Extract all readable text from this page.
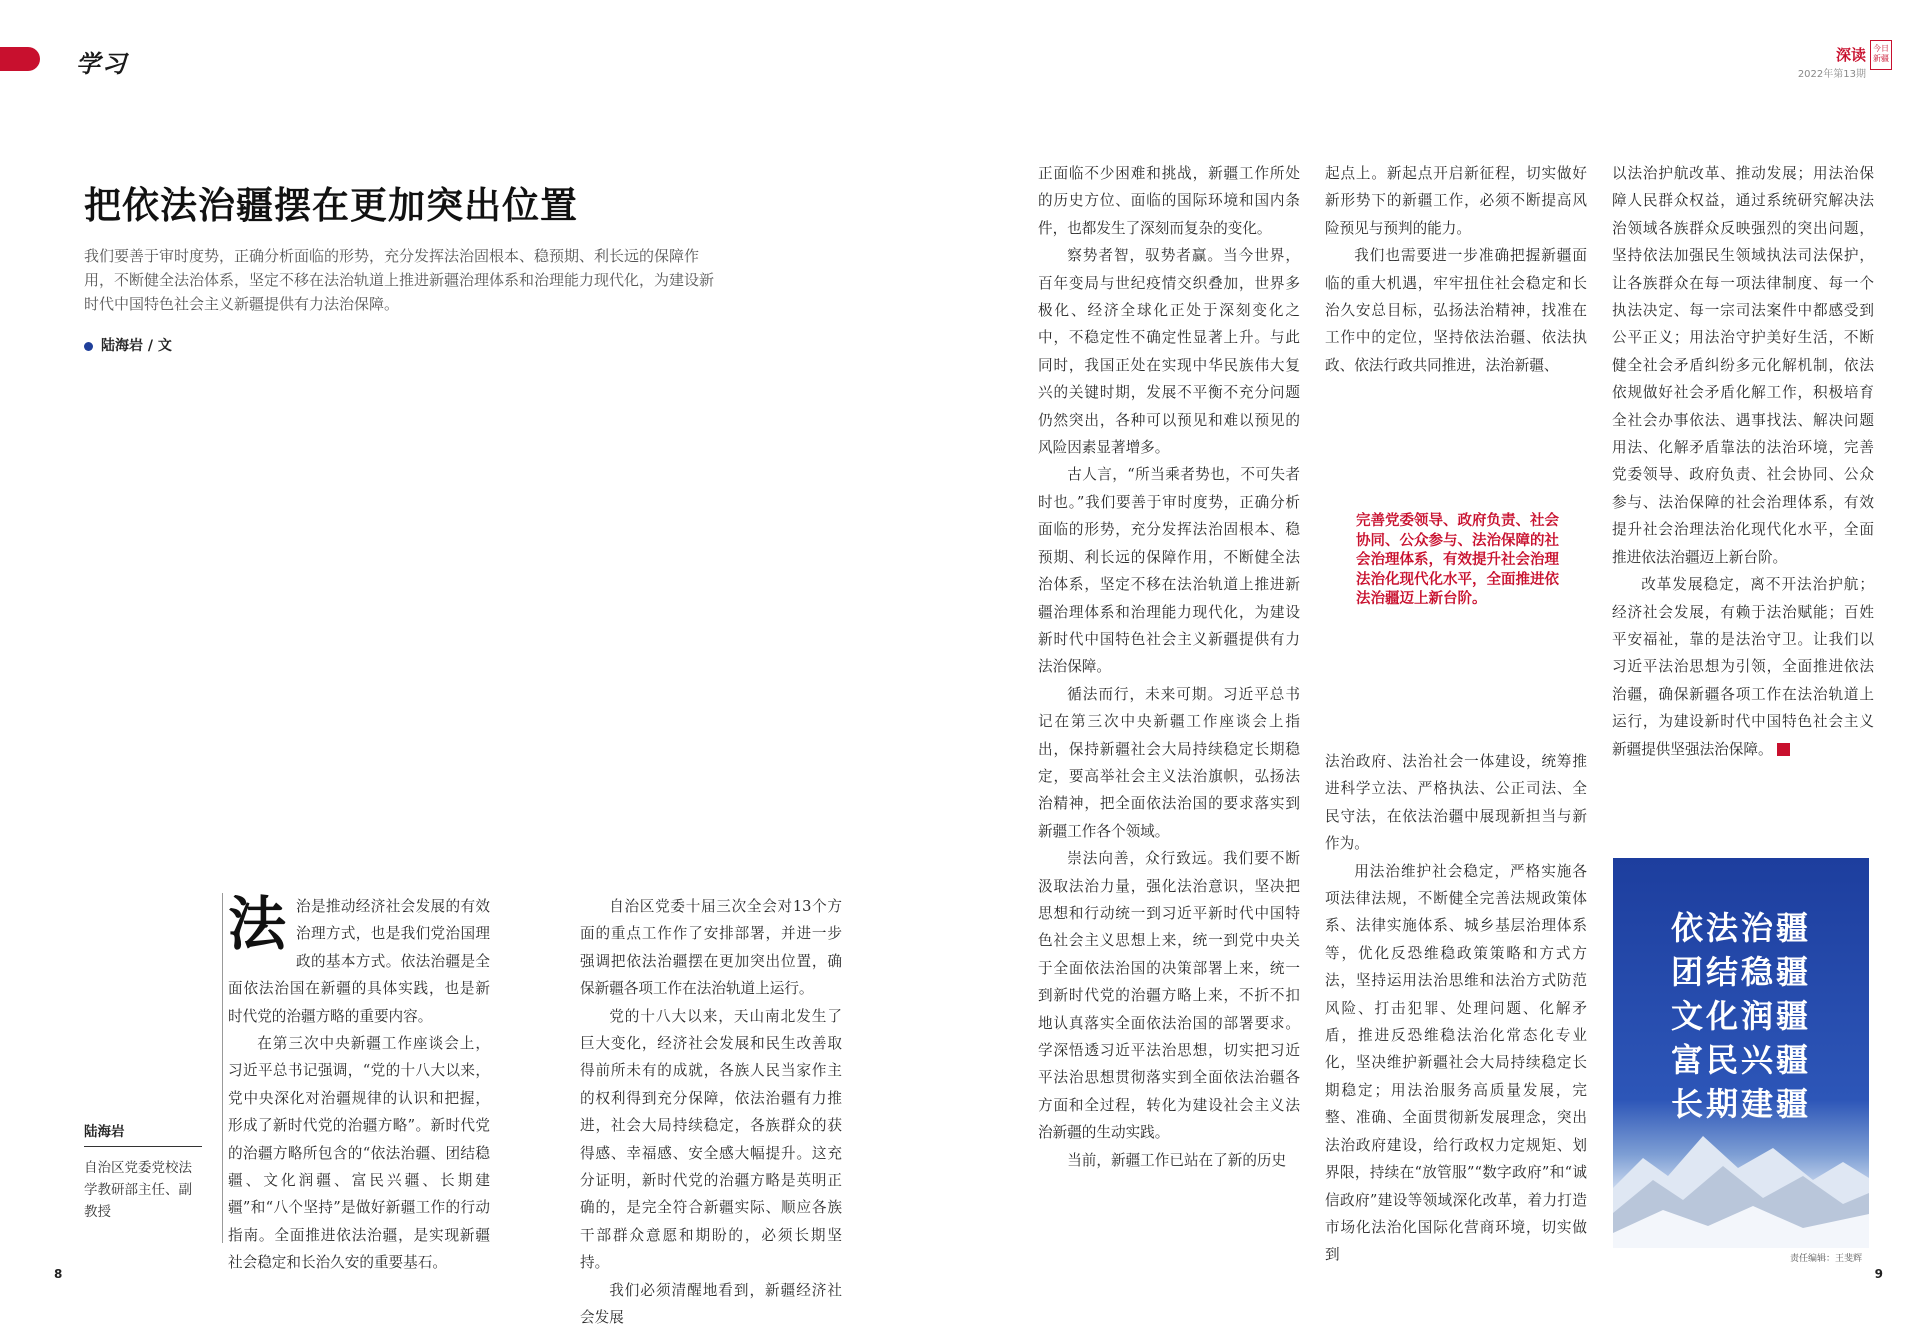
学习	深读
2022年第13期
今日新疆
把依法治疆摆在更加突出位置
我们要善于审时度势，正确分析面临的形势，充分发挥法治固根本、稳预期、利长远的保障作用，不断健全法治体系，坚定不移在法治轨道上推进新疆治理体系和治理能力现代化，为建设新时代中国特色社会主义新疆提供有力法治保障。
陆海岩 / 文
陆海岩
自治区党委党校法学教研部主任、副教授

法治是推动经济社会发展的有效治理方式，也是我们党治国理政的基本方式。依法治疆是全面依法治国在新疆的具体实践，也是新时代党的治疆方略的重要内容。

在第三次中央新疆工作座谈会上，习近平总书记强调，“党的十八大以来，党中央深化对治疆规律的认识和把握，形成了新时代党的治疆方略”。新时代党的治疆方略所包含的“依法治疆、团结稳疆、文化润疆、富民兴疆、长期建疆”和“八个坚持”是做好新疆工作的行动指南。全面推进依法治疆，是实现新疆社会稳定和长治久安的重要基石。

自治区党委十届三次全会对13个方面的重点工作作了安排部署，并进一步强调把依法治疆摆在更加突出位置，确保新疆各项工作在法治轨道上运行。

党的十八大以来，天山南北发生了巨大变化，经济社会发展和民生改善取得前所未有的成就，各族人民当家作主的权利得到充分保障，依法治疆有力推进，社会大局持续稳定，各族群众的获得感、幸福感、安全感大幅提升。这充分证明，新时代党的治疆方略是英明正确的，是完全符合新疆实际、顺应各族干部群众意愿和期盼的，必须长期坚持。

我们必须清醒地看到，新疆经济社会发展

正面临不少困难和挑战，新疆工作所处的历史方位、面临的国际环境和国内条件，也都发生了深刻而复杂的变化。

察势者智，驭势者赢。当今世界，百年变局与世纪疫情交织叠加，世界多极化、经济全球化正处于深刻变化之中，不稳定性不确定性显著上升。与此同时，我国正处在实现中华民族伟大复兴的关键时期，发展不平衡不充分问题仍然突出，各种可以预见和难以预见的风险因素显著增多。

古人言，“所当乘者势也，不可失者时也。”我们要善于审时度势，正确分析面临的形势，充分发挥法治固根本、稳预期、利长远的保障作用，不断健全法治体系，坚定不移在法治轨道上推进新疆治理体系和治理能力现代化，为建设新时代中国特色社会主义新疆提供有力法治保障。

循法而行，未来可期。习近平总书记在第三次中央新疆工作座谈会上指出，保持新疆社会大局持续稳定长期稳定，要高举社会主义法治旗帜，弘扬法治精神，把全面依法治国的要求落实到新疆工作各个领域。

崇法向善，众行致远。我们要不断汲取法治力量，强化法治意识，坚决把思想和行动统一到习近平新时代中国特色社会主义思想上来，统一到党中央关于全面依法治国的决策部署上来，统一到新时代党的治疆方略上来，不折不扣地认真落实全面依法治国的部署要求。学深悟透习近平法治思想，切实把习近平法治思想贯彻落实到全面依法治疆各方面和全过程，转化为建设社会主义法治新疆的生动实践。

当前，新疆工作已站在了新的历史

起点上。新起点开启新征程，切实做好新形势下的新疆工作，必须不断提高风险预见与预判的能力。

我们也需要进一步准确把握新疆面临的重大机遇，牢牢扭住社会稳定和长治久安总目标，弘扬法治精神，找准在工作中的定位，坚持依法治疆、依法执政、依法行政共同推进，法治新疆、

完善党委领导、政府负责、社会协同、公众参与、法治保障的社会治理体系，有效提升社会治理法治化现代化水平，全面推进依法治疆迈上新台阶。

法治政府、法治社会一体建设，统筹推进科学立法、严格执法、公正司法、全民守法，在依法治疆中展现新担当与新作为。

用法治维护社会稳定，严格实施各项法律法规，不断健全完善法规政策体系、法律实施体系、城乡基层治理体系等，优化反恐维稳政策策略和方式方法，坚持运用法治思维和法治方式防范风险、打击犯罪、处理问题、化解矛盾，推进反恐维稳法治化常态化专业化，坚决维护新疆社会大局持续稳定长期稳定；用法治服务高质量发展，完整、准确、全面贯彻新发展理念，突出法治政府建设，给行政权力定规矩、划界限，持续在“放管服”“数字政府”和“诚信政府”建设等领域深化改革，着力打造市场化法治化国际化营商环境，切实做到

以法治护航改革、推动发展；用法治保障人民群众权益，通过系统研究解决法治领域各族群众反映强烈的突出问题，坚持依法加强民生领域执法司法保护，让各族群众在每一项法律制度、每一个执法决定、每一宗司法案件中都感受到公平正义；用法治守护美好生活，不断健全社会矛盾纠纷多元化解机制，依法依规做好社会矛盾化解工作，积极培育全社会办事依法、遇事找法、解决问题用法、化解矛盾靠法的法治环境，完善党委领导、政府负责、社会协同、公众参与、法治保障的社会治理体系，有效提升社会治理法治化现代化水平，全面推进依法治疆迈上新台阶。

改革发展稳定，离不开法治护航；经济社会发展，有赖于法治赋能；百姓平安福祉，靠的是法治守卫。让我们以习近平法治思想为引领，全面推进依法治疆，确保新疆各项工作在法治轨道上运行，为建设新时代中国特色社会主义新疆提供坚强法治保障。

依法治疆
团结稳疆
文化润疆
富民兴疆
长期建疆
责任编辑：王斐辉
8	9
